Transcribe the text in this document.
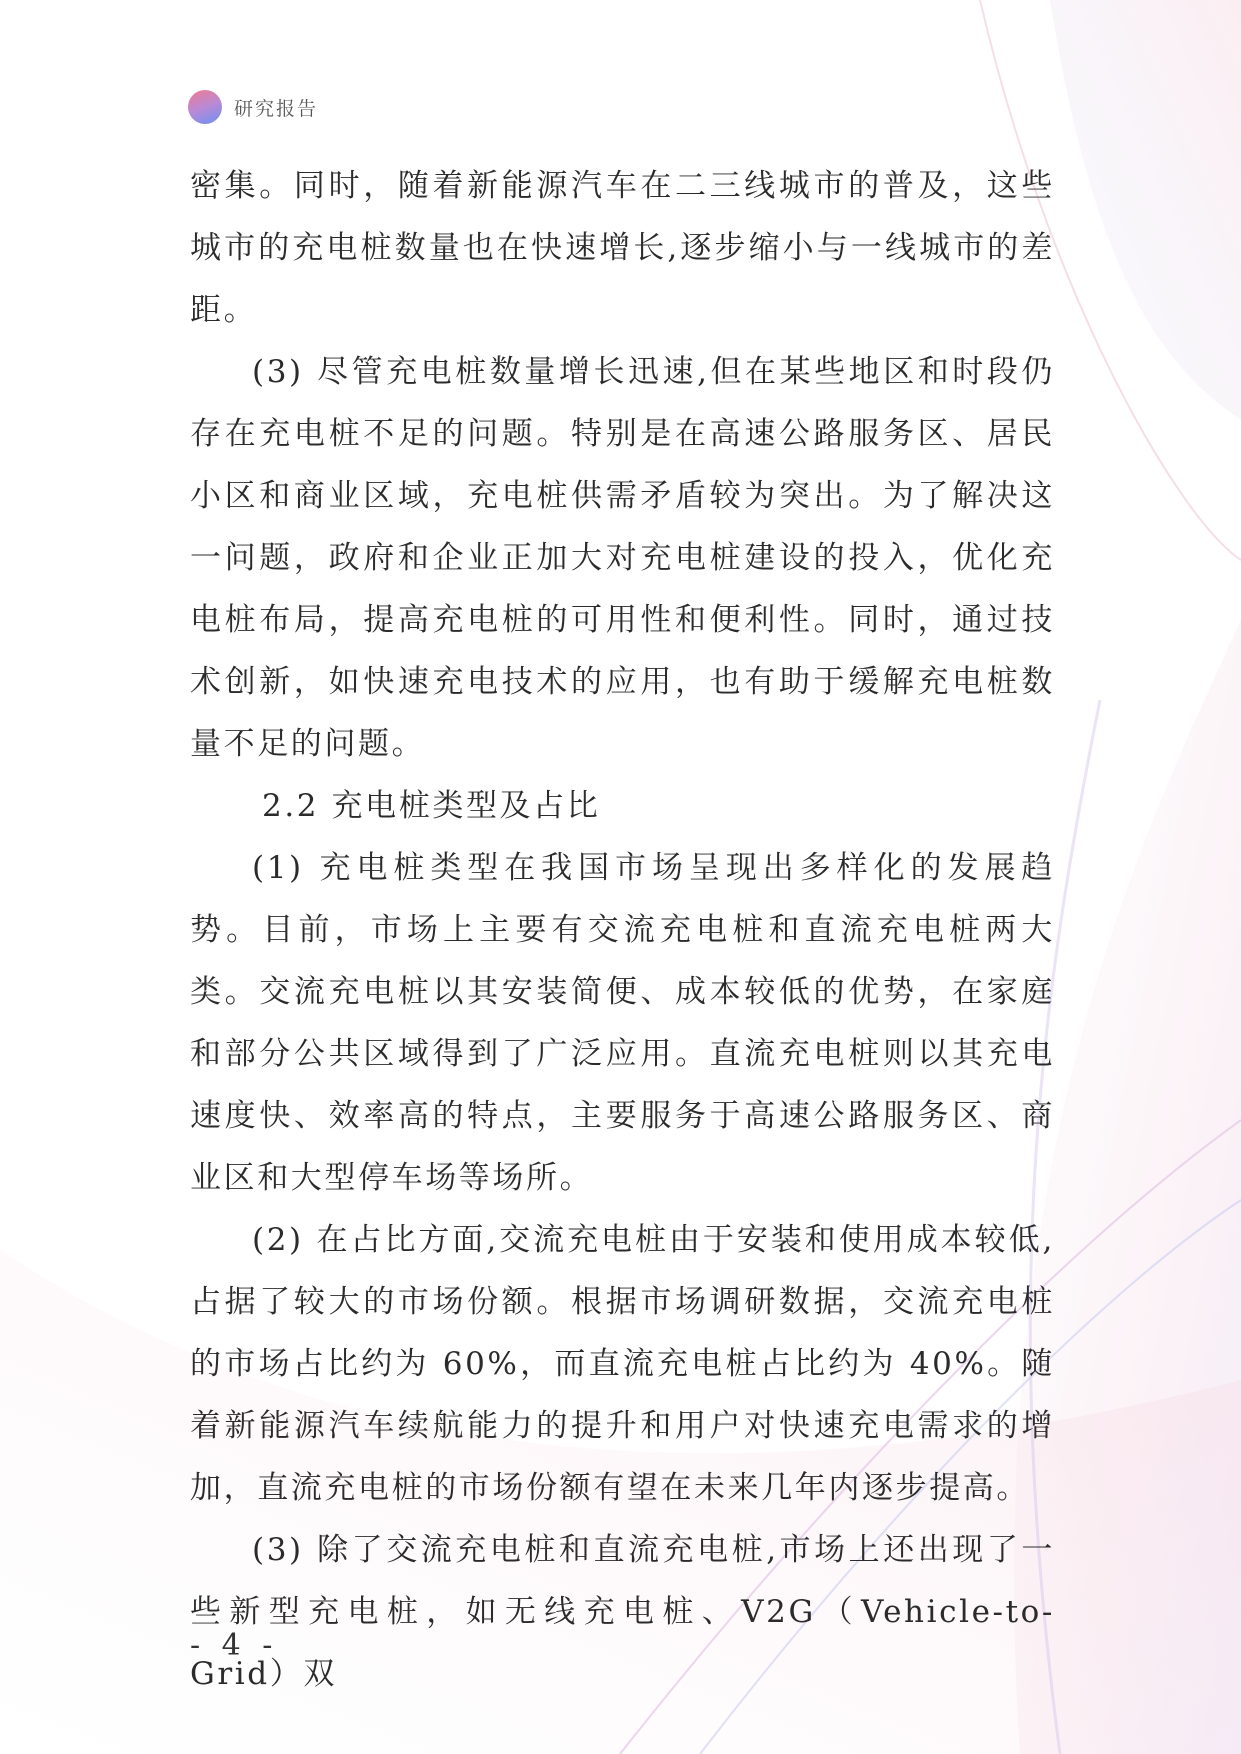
研究报告

密集。同时，随着新能源汽车在二三线城市的普及，这些城市的充电桩数量也在快速增长,逐步缩小与一线城市的差距。

(3) 尽管充电桩数量增长迅速,但在某些地区和时段仍存在充电桩不足的问题。特别是在高速公路服务区、居民小区和商业区域，充电桩供需矛盾较为突出。为了解决这一问题，政府和企业正加大对充电桩建设的投入，优化充电桩布局，提高充电桩的可用性和便利性。同时，通过技术创新，如快速充电技术的应用，也有助于缓解充电桩数量不足的问题。

2.2 充电桩类型及占比

(1) 充电桩类型在我国市场呈现出多样化的发展趋势。目前，市场上主要有交流充电桩和直流充电桩两大类。交流充电桩以其安装简便、成本较低的优势，在家庭和部分公共区域得到了广泛应用。直流充电桩则以其充电速度快、效率高的特点，主要服务于高速公路服务区、商业区和大型停车场等场所。

(2) 在占比方面,交流充电桩由于安装和使用成本较低,占据了较大的市场份额。根据市场调研数据，交流充电桩的市场占比约为 60%，而直流充电桩占比约为 40%。随着新能源汽车续航能力的提升和用户对快速充电需求的增加，直流充电桩的市场份额有望在未来几年内逐步提高。

(3) 除了交流充电桩和直流充电桩,市场上还出现了一些新型充电桩，如无线充电桩、V2G（Vehicle-to-Grid）双

- 4 -
